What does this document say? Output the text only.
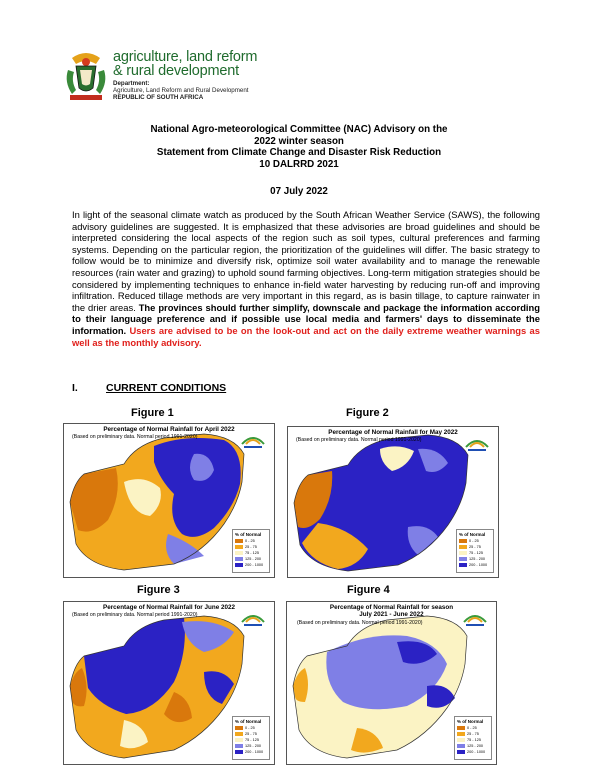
agriculture, land reform
& rural development
Department:
Agriculture, Land Reform and Rural Development
REPUBLIC OF SOUTH AFRICA
National Agro-meteorological Committee (NAC) Advisory on the
2022 winter season
Statement from Climate Change and Disaster Risk Reduction
10 DALRRD 2021
07 July 2022
In light of the seasonal climate watch as produced by the South African Weather Service (SAWS), the following advisory guidelines are suggested. It is emphasized that these advisories are broad guidelines and should be interpreted considering the local aspects of the region such as soil types, cultural preferences and farming systems. Depending on the particular region, the prioritization of the guidelines will differ. The basic strategy to follow would be to minimize and diversify risk, optimize soil water availability and to manage the renewable resources (rain water and grazing) to uphold sound farming objectives. Long-term mitigation strategies should be considered by implementing techniques to enhance in-field water harvesting by reducing run-off and improving infiltration. Reduced tillage methods are very important in this regard, as is basin tillage, to capture rainwater in the drier areas. The provinces should further simplify, downscale and package the information according to their language preference and if possible use local media and farmers' days to disseminate the information. Users are advised to be on the look-out and act on the daily extreme weather warnings as well as the monthly advisory.
I.	CURRENT CONDITIONS
Figure 1	Figure 2
Figure 3	Figure 4
Percentage of Normal Rainfall for April 2022
(Based on preliminary data. Normal period 1991-2020)
% of Normal
0 - 25
25 - 75
75 - 125
125 - 200
200 - 1000
Percentage of Normal Rainfall for May 2022
(Based on preliminary data. Normal period 1991-2020)
% of Normal
0 - 25
25 - 75
75 - 125
125 - 200
200 - 1000
Percentage of Normal Rainfall for June 2022
(Based on preliminary data. Normal period 1991-2020)
% of Normal
0 - 25
25 - 75
75 - 125
125 - 200
200 - 1000
Percentage of Normal Rainfall for season
July 2021 - June 2022
(Based on preliminary data. Normal period 1991-2020)
% of Normal
0 - 25
25 - 75
75 - 125
125 - 200
200 - 1000
